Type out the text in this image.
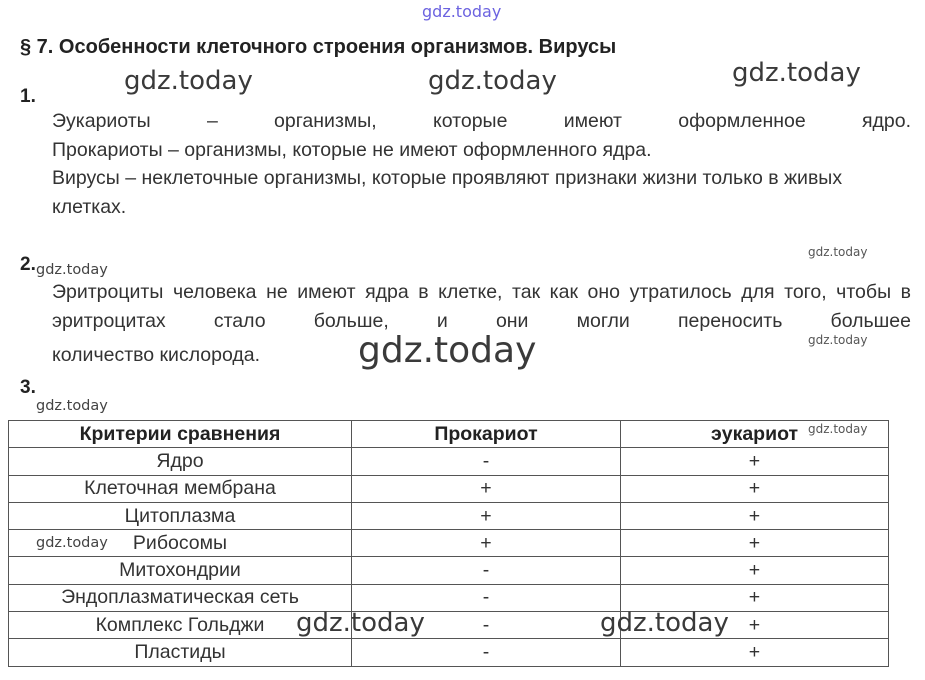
gdz.today
§ 7. Особенности клеточного строения организмов. Вирусы
gdz.today	gdz.today	gdz.today
1.

Эукариоты – организмы, которые имеют оформленное ядро.

Прокариоты – организмы, которые не имеют оформленного ядра.

Вирусы – неклеточные организмы, которые проявляют признаки жизни только в живых клетках.

gdz.today
2. gdz.today

Эритроциты человека не имеют ядра в клетке, так как оно утратилось для того, чтобы в эритроцитах стало больше, и они могли переносить большее

количество кислорода.

gdz.today
gdz.today
3.
gdz.today
Критерии сравнения	Прокариот	эукариот
Ядро	-	+
Клеточная мембрана	+	+
Цитоплазма	+	+
Рибосомы	+	+
Митохондрии	-	+
Эндоплазматическая сеть	-	+
Комплекс Гольджи	-	+
Пластиды	-	+
gdz.today
gdz.today
gdz.today	gdz.today
